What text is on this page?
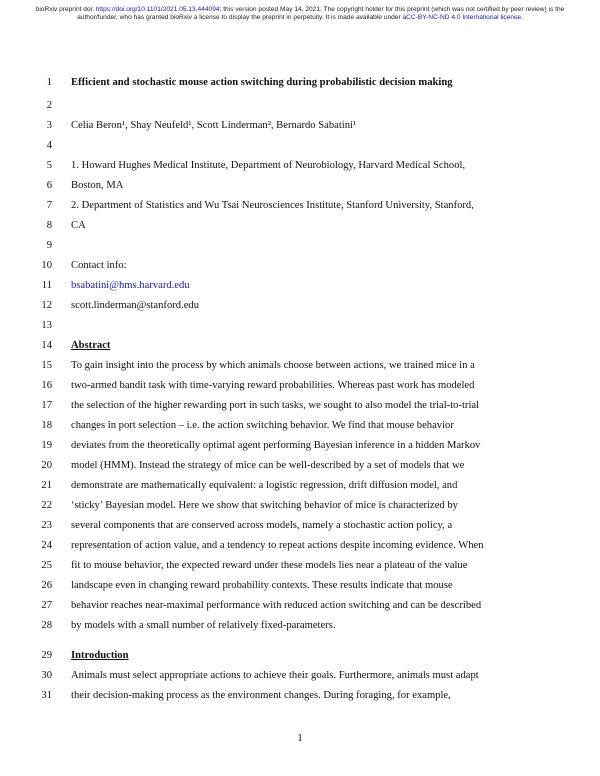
bioRxiv preprint doi: https://doi.org/10.1101/2021.05.13.444094; this version posted May 14, 2021. The copyright holder for this preprint (which was not certified by peer review) is the author/funder, who has granted bioRxiv a license to display the preprint in perpetuity. It is made available under aCC-BY-NC-ND 4.0 International license.
1 Efficient and stochastic mouse action switching during probabilistic decision making
2
3 Celia Beron¹, Shay Neufeld¹, Scott Linderman², Bernardo Sabatini¹
4
5 1. Howard Hughes Medical Institute, Department of Neurobiology, Harvard Medical School,
6 Boston, MA
7 2. Department of Statistics and Wu Tsai Neurosciences Institute, Stanford University, Stanford,
8 CA
9
10 Contact info:
11 bsabatini@hms.harvard.edu
12 scott.linderman@stanford.edu
13
14 Abstract
15 To gain insight into the process by which animals choose between actions, we trained mice in a
16 two-armed bandit task with time-varying reward probabilities. Whereas past work has modeled
17 the selection of the higher rewarding port in such tasks, we sought to also model the trial-to-trial
18 changes in port selection – i.e. the action switching behavior. We find that mouse behavior
19 deviates from the theoretically optimal agent performing Bayesian inference in a hidden Markov
20 model (HMM). Instead the strategy of mice can be well-described by a set of models that we
21 demonstrate are mathematically equivalent: a logistic regression, drift diffusion model, and
22 ‘sticky’ Bayesian model. Here we show that switching behavior of mice is characterized by
23 several components that are conserved across models, namely a stochastic action policy, a
24 representation of action value, and a tendency to repeat actions despite incoming evidence. When
25 fit to mouse behavior, the expected reward under these models lies near a plateau of the value
26 landscape even in changing reward probability contexts. These results indicate that mouse
27 behavior reaches near-maximal performance with reduced action switching and can be described
28 by models with a small number of relatively fixed-parameters.
29 Introduction
30 Animals must select appropriate actions to achieve their goals. Furthermore, animals must adapt
31 their decision-making process as the environment changes. During foraging, for example,
1
